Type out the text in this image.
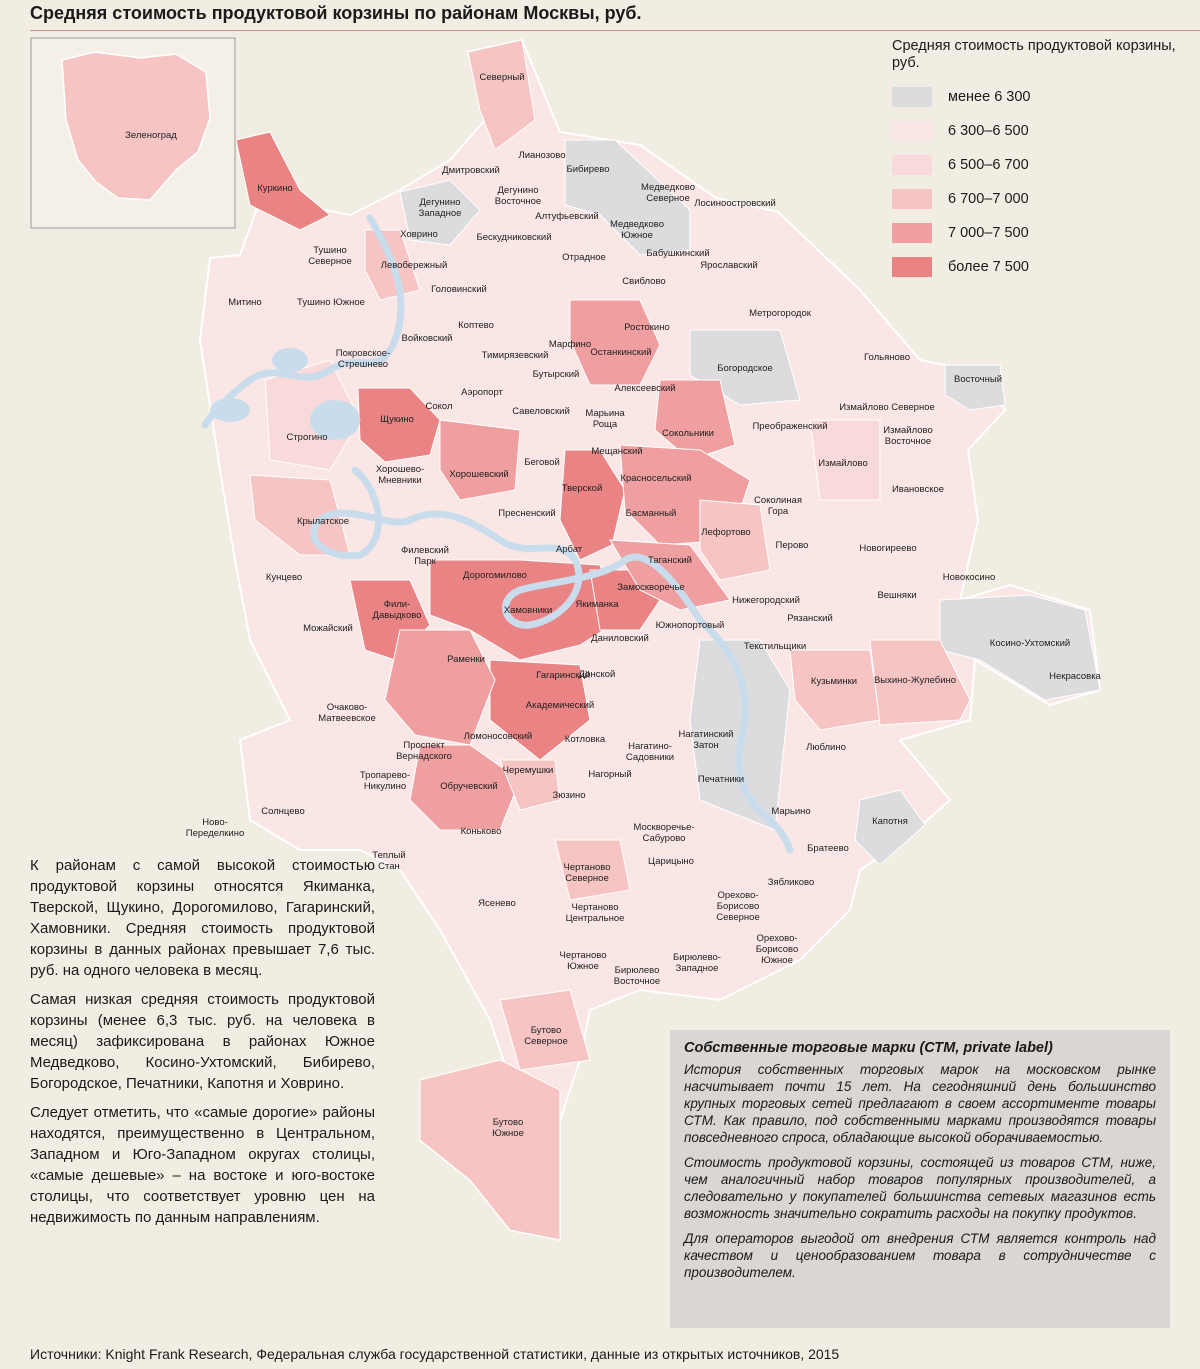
Средняя стоимость продуктовой корзины по районам Москвы, руб.
Зеленоград
Северный
Лианозово
Бибирево
Дмитровский
Дегунино Восточное
Медведково Северное Лосиноостровский
Куркино
Дегунино Западное	Алтуфьевский
Медведково Южное
Ховрино	Бескудниковский
Бабушкинский
Тушино Северное	Левобережный
Отрадное
Ярославский
Головинский
Свиблово
Митино	Тушино Южное
Метрогородок
Коптево	Ростокино
Войковский
Марфино
Покровское-Стрешнево
Тимирязевский	Останкинский	Гольяново
Богородское
Бутырский
Алексеевский
Восточный
Аэропорт
Измайлово Северное
Щукино
Сокол	Савеловский Марьина Роща	Преображенский	Измайлово Восточное
Строгино	Сокольники
Мещанский
Хорошево-Мневники
Беговой	Измайлово
Хорошевский	Красносельский
Тверской
Соколиная Гора
Ивановское
Крылатское
Пресненский	Басманный
Лефортово
Арбат
Филевский Парк
Перово	Новогиреево
Таганский
Кунцево	Дорогомилово
Замоскворечье
Новокосино
Фили-Давыдково
Нижегородский	Вешняки
Хамовники
Якиманка
Можайский
Рязанский
Южнопортовый
Даниловский
Текстильщики	Косино-Ухтомский
Раменки
Гагаринский
Донской
Кузьминки Выхино-Жулебино	Некрасовка
Очаково-Матвеевское
Академический
Нагатинский Затон
Ломоносовский	Котловка
Нагатино-Садовники
Проспект Вернадского
Люблино
Тропарево-Никулино
Черемушки	Нагорный	Печатники
Обручевский
Зюзино
Ново-Переделкино
Солнцево	Марьино
Коньково	Москворечье-Сабурово
Капотня
Теплый Стан
Братеево
Чертаново Северное
Царицыно
Орехово-Борисово Северное
Зябликово
Ясенево	Чертаново Центральное
Орехово-Борисово Южное
Чертаново Южное
Бирюлево-Западное
Бирюлево Восточное
Бутово Северное
Бутово Южное
Средняя стоимость продуктовой корзины, руб.
менее 6 300
6 300–6 500
6 500–6 700
6 700–7 000
7 000–7 500
более 7 500

К районам с самой высокой стоимостью продуктовой корзины относятся Якиманка, Тверской, Щукино, Дорогомилово, Гагаринский, Хамовники. Средняя стоимость продуктовой корзины в данных районах превышает 7,6 тыс. руб. на одного человека в месяц.

Самая низкая средняя стоимость продуктовой корзины (менее 6,3 тыс. руб. на человека в месяц) зафиксирована в районах Южное Медведково, Косино-Ухтомский, Бибирево, Богородское, Печатники, Капотня и Ховрино.

Следует отметить, что «самые дорогие» районы находятся, преимущественно в Центральном, Западном и Юго-Западном округах столицы, «самые дешевые» – на востоке и юго-востоке столицы, что соответствует уровню цен на недвижимость по данным направлениям.

Собственные торговые марки (СТМ, private label)

История собственных торговых марок на московском рынке насчитывает почти 15 лет. На сегодняшний день большинство крупных торговых сетей предлагают в своем ассортименте товары СТМ. Как правило, под собственными марками производятся товары повседневного спроса, обладающие высокой оборачиваемостью.

Стоимость продуктовой корзины, состоящей из товаров СТМ, ниже, чем аналогичный набор товаров популярных производителей, а следовательно у покупателей большинства сетевых магазинов есть возможность значительно сократить расходы на покупку продуктов.

Для операторов выгодой от внедрения СТМ является контроль над качеством и ценообразованием товара в сотрудничестве с производителем.

Источники: Knight Frank Research, Федеральная служба государственной статистики, данные из открытых источников, 2015
